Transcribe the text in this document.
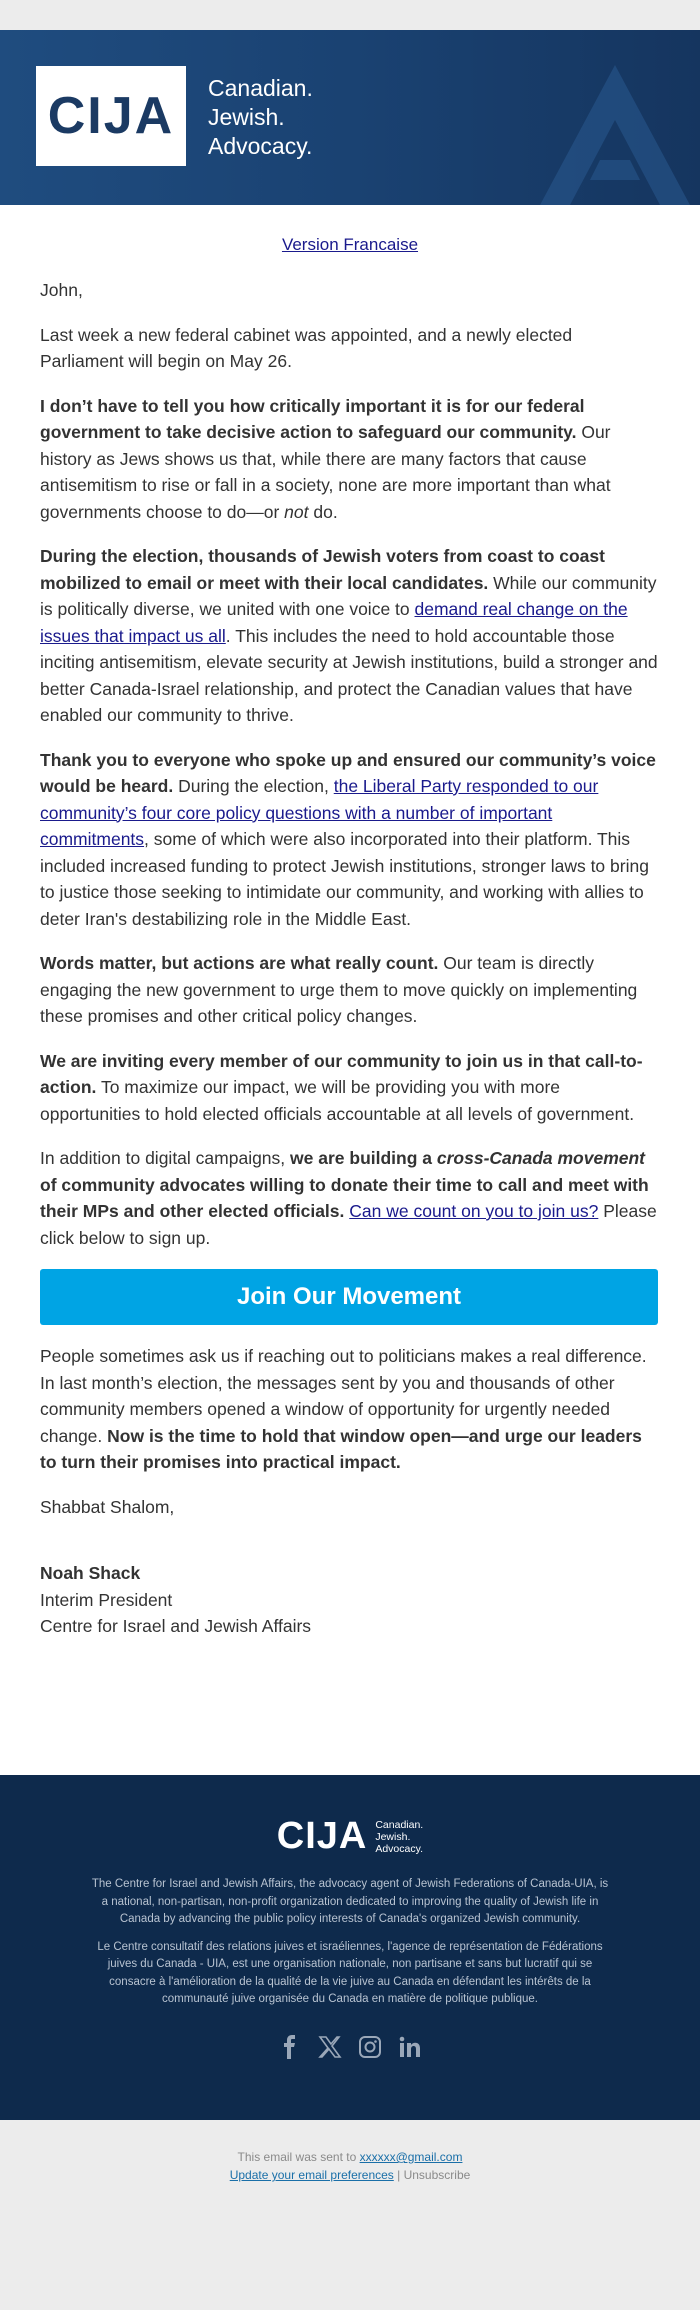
CIJA Canadian.
Jewish.
Advocacy.
Version Francaise

John,

Last week a new federal cabinet was appointed, and a newly elected Parliament will begin on May 26.

I don’t have to tell you how critically important it is for our federal government to take decisive action to safeguard our community. Our history as Jews shows us that, while there are many factors that cause antisemitism to rise or fall in a society, none are more important than what governments choose to do—or not do.

During the election, thousands of Jewish voters from coast to coast mobilized to email or meet with their local candidates. While our community is politically diverse, we united with one voice to demand real change on the issues that impact us all. This includes the need to hold accountable those inciting antisemitism, elevate security at Jewish institutions, build a stronger and better Canada-Israel relationship, and protect the Canadian values that have enabled our community to thrive.

Thank you to everyone who spoke up and ensured our community’s voice would be heard. During the election, the Liberal Party responded to our community’s four core policy questions with a number of important commitments, some of which were also incorporated into their platform. This included increased funding to protect Jewish institutions, stronger laws to bring to justice those seeking to intimidate our community, and working with allies to deter Iran's destabilizing role in the Middle East.

Words matter, but actions are what really count. Our team is directly engaging the new government to urge them to move quickly on implementing these promises and other critical policy changes.

We are inviting every member of our community to join us in that call-to-action. To maximize our impact, we will be providing you with more opportunities to hold elected officials accountable at all levels of government.

In addition to digital campaigns, we are building a cross-Canada movement of community advocates willing to donate their time to call and meet with their MPs and other elected officials. Can we count on you to join us? Please click below to sign up.

Join Our Movement

People sometimes ask us if reaching out to politicians makes a real difference. In last month’s election, the messages sent by you and thousands of other community members opened a window of opportunity for urgently needed change. Now is the time to hold that window open—and urge our leaders to turn their promises into practical impact.

Shabbat Shalom,

Noah Shack
Interim President
Centre for Israel and Jewish Affairs
CIJA Canadian.
Jewish.
Advocacy.

The Centre for Israel and Jewish Affairs, the advocacy agent of Jewish Federations of Canada-UIA, is a national, non-partisan, non-profit organization dedicated to improving the quality of Jewish life in Canada by advancing the public policy interests of Canada's organized Jewish community.

Le Centre consultatif des relations juives et israéliennes, l'agence de représentation de Fédérations juives du Canada - UIA, est une organisation nationale, non partisane et sans but lucratif qui se consacre à l'amélioration de la qualité de la vie juive au Canada en défendant les intérêts de la communauté juive organisée du Canada en matière de politique publique.

This email was sent to xxxxxx@gmail.com
Update your email preferences | Unsubscribe
